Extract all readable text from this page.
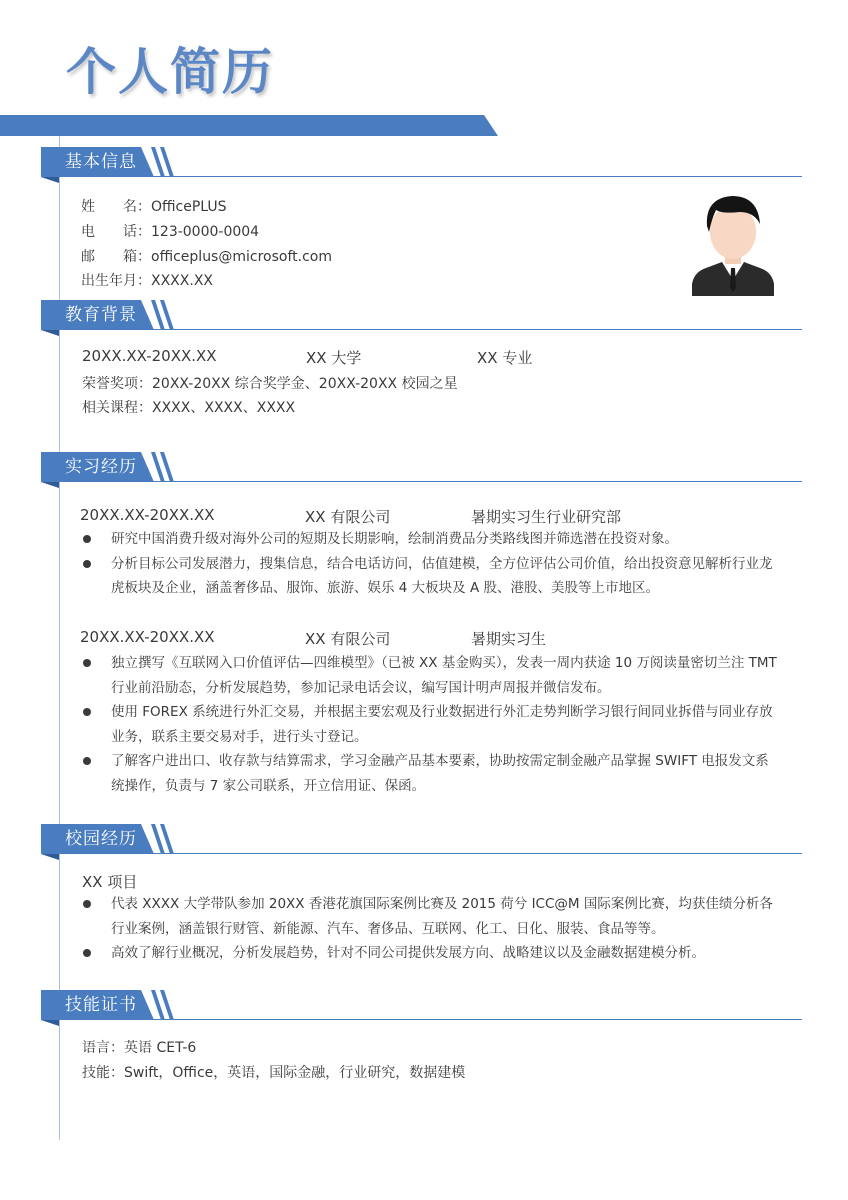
个人简历
基本信息
姓　　名：OfficePLUS
电　　话：123-0000-0004
邮　　箱：officeplus@microsoft.com
出生年月：XXXX.XX
教育背景
20XX.XX-20XX.XX	XX 大学	XX 专业
荣誉奖项：20XX-20XX 综合奖学金、20XX-20XX 校园之星
相关课程：XXXX、XXXX、XXXX
实习经历
20XX.XX-20XX.XX	XX 有限公司	暑期实习生行业研究部
研究中国消费升级对海外公司的短期及长期影响，绘制消费品分类路线图并筛选潜在投资对象。
分析目标公司发展潜力，搜集信息，结合电话访问，估值建模，全方位评估公司价值，给出投资意见解析行业龙虎板块及企业，涵盖奢侈品、服饰、旅游、娱乐 4 大板块及 A 股、港股、美股等上市地区。
20XX.XX-20XX.XX	XX 有限公司	暑期实习生
独立撰写《互联网入口价值评估—四维模型》（已被 XX 基金购买），发表一周内获途 10 万阅读量密切兰注 TMT 行业前沿励态，分析发展趋势，参加记录电话会议，编写国计明声周报并微信发布。
使用 FOREX 系统进行外汇交易，并根据主要宏观及行业数据进行外汇走势判断学习银行间同业拆借与同业存放业务，联系主要交易对手，进行头寸登记。
了解客户进出口、收存款与结算需求，学习金融产品基本要素，协助按需定制金融产品掌握 SWIFT 电报发文系统操作，负责与 7 家公司联系，开立信用证、保函。
校园经历
XX 项目
代表 XXXX 大学带队参加 20XX 香港花旗国际案例比赛及 2015 荷兮 ICC@M 国际案例比赛，均获佳绩分析各行业案例，涵盖银行财管、新能源、汽车、奢侈品、互联网、化工、日化、服装、食品等等。
高效了解行业概况，分析发展趋势，针对不同公司提供发展方向、战略建议以及金融数据建模分析。
技能证书
语言：英语 CET-6
技能：Swift，Office，英语，国际金融，行业研究，数据建模
